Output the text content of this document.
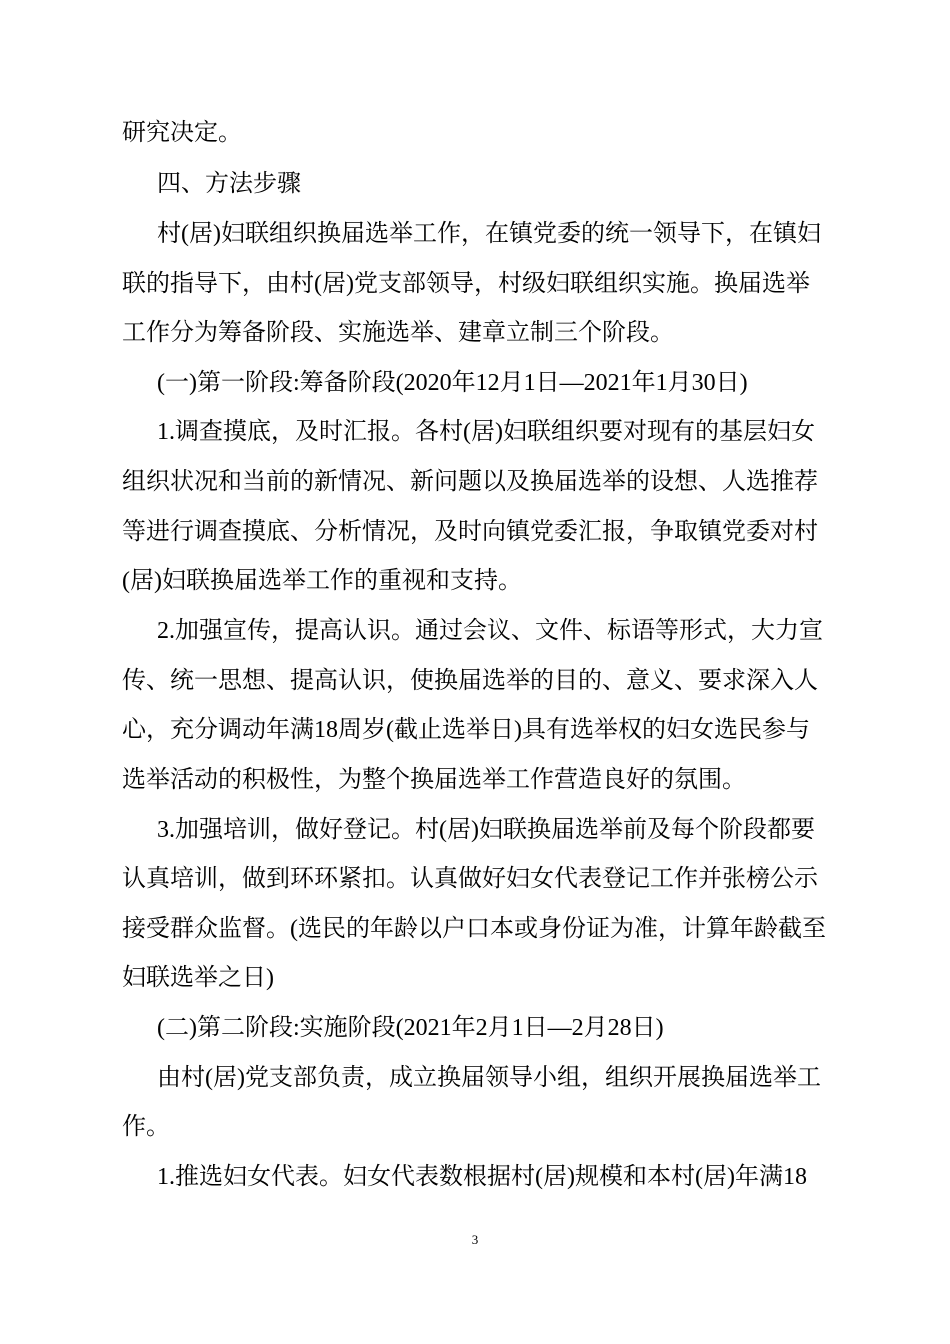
研究决定。
四、方法步骤
村(居)妇联组织换届选举工作，在镇党委的统一领导下，在镇妇
联的指导下，由村(居)党支部领导，村级妇联组织实施。换届选举
工作分为筹备阶段、实施选举、建章立制三个阶段。
(一)第一阶段:筹备阶段(2020年12月1日—2021年1月30日)
1.调查摸底，及时汇报。各村(居)妇联组织要对现有的基层妇女
组织状况和当前的新情况、新问题以及换届选举的设想、人选推荐
等进行调查摸底、分析情况，及时向镇党委汇报，争取镇党委对村
(居)妇联换届选举工作的重视和支持。
2.加强宣传，提高认识。通过会议、文件、标语等形式，大力宣
传、统一思想、提高认识，使换届选举的目的、意义、要求深入人
心，充分调动年满18周岁(截止选举日)具有选举权的妇女选民参与
选举活动的积极性，为整个换届选举工作营造良好的氛围。
3.加强培训，做好登记。村(居)妇联换届选举前及每个阶段都要
认真培训，做到环环紧扣。认真做好妇女代表登记工作并张榜公示
接受群众监督。(选民的年龄以户口本或身份证为准，计算年龄截至
妇联选举之日)
(二)第二阶段:实施阶段(2021年2月1日—2月28日)
由村(居)党支部负责，成立换届领导小组，组织开展换届选举工
作。
1.推选妇女代表。妇女代表数根据村(居)规模和本村(居)年满18
3
